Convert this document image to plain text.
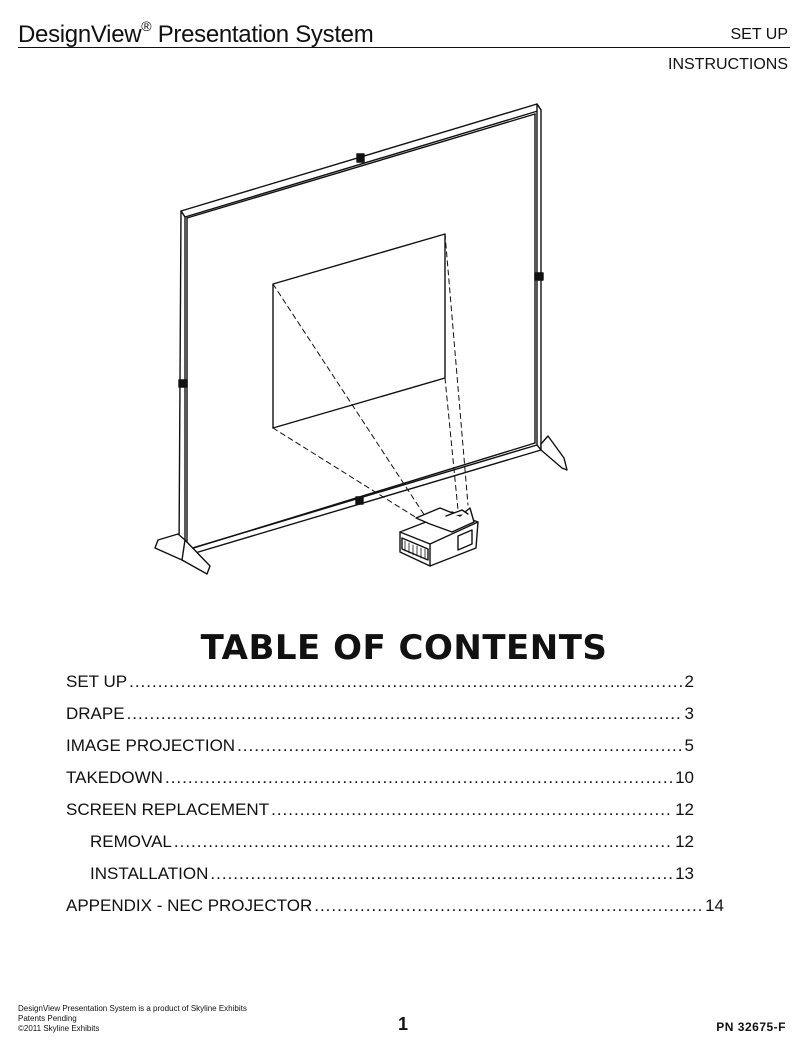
DesignView® Presentation System	SET UP
INSTRUCTIONS
TABLE OF CONTENTS
SET UP .....	2
DRAPE .....	3
IMAGE PROJECTION .....	5
TAKEDOWN .....	10
SCREEN REPLACEMENT .....	12
REMOVAL .....	12
INSTALLATION .....	13
APPENDIX - NEC PROJECTOR .....	14
DesignView Presentation System is a product of Skyline Exhibits
Patents Pending
©2011 Skyline Exhibits	1	PN 32675-F
